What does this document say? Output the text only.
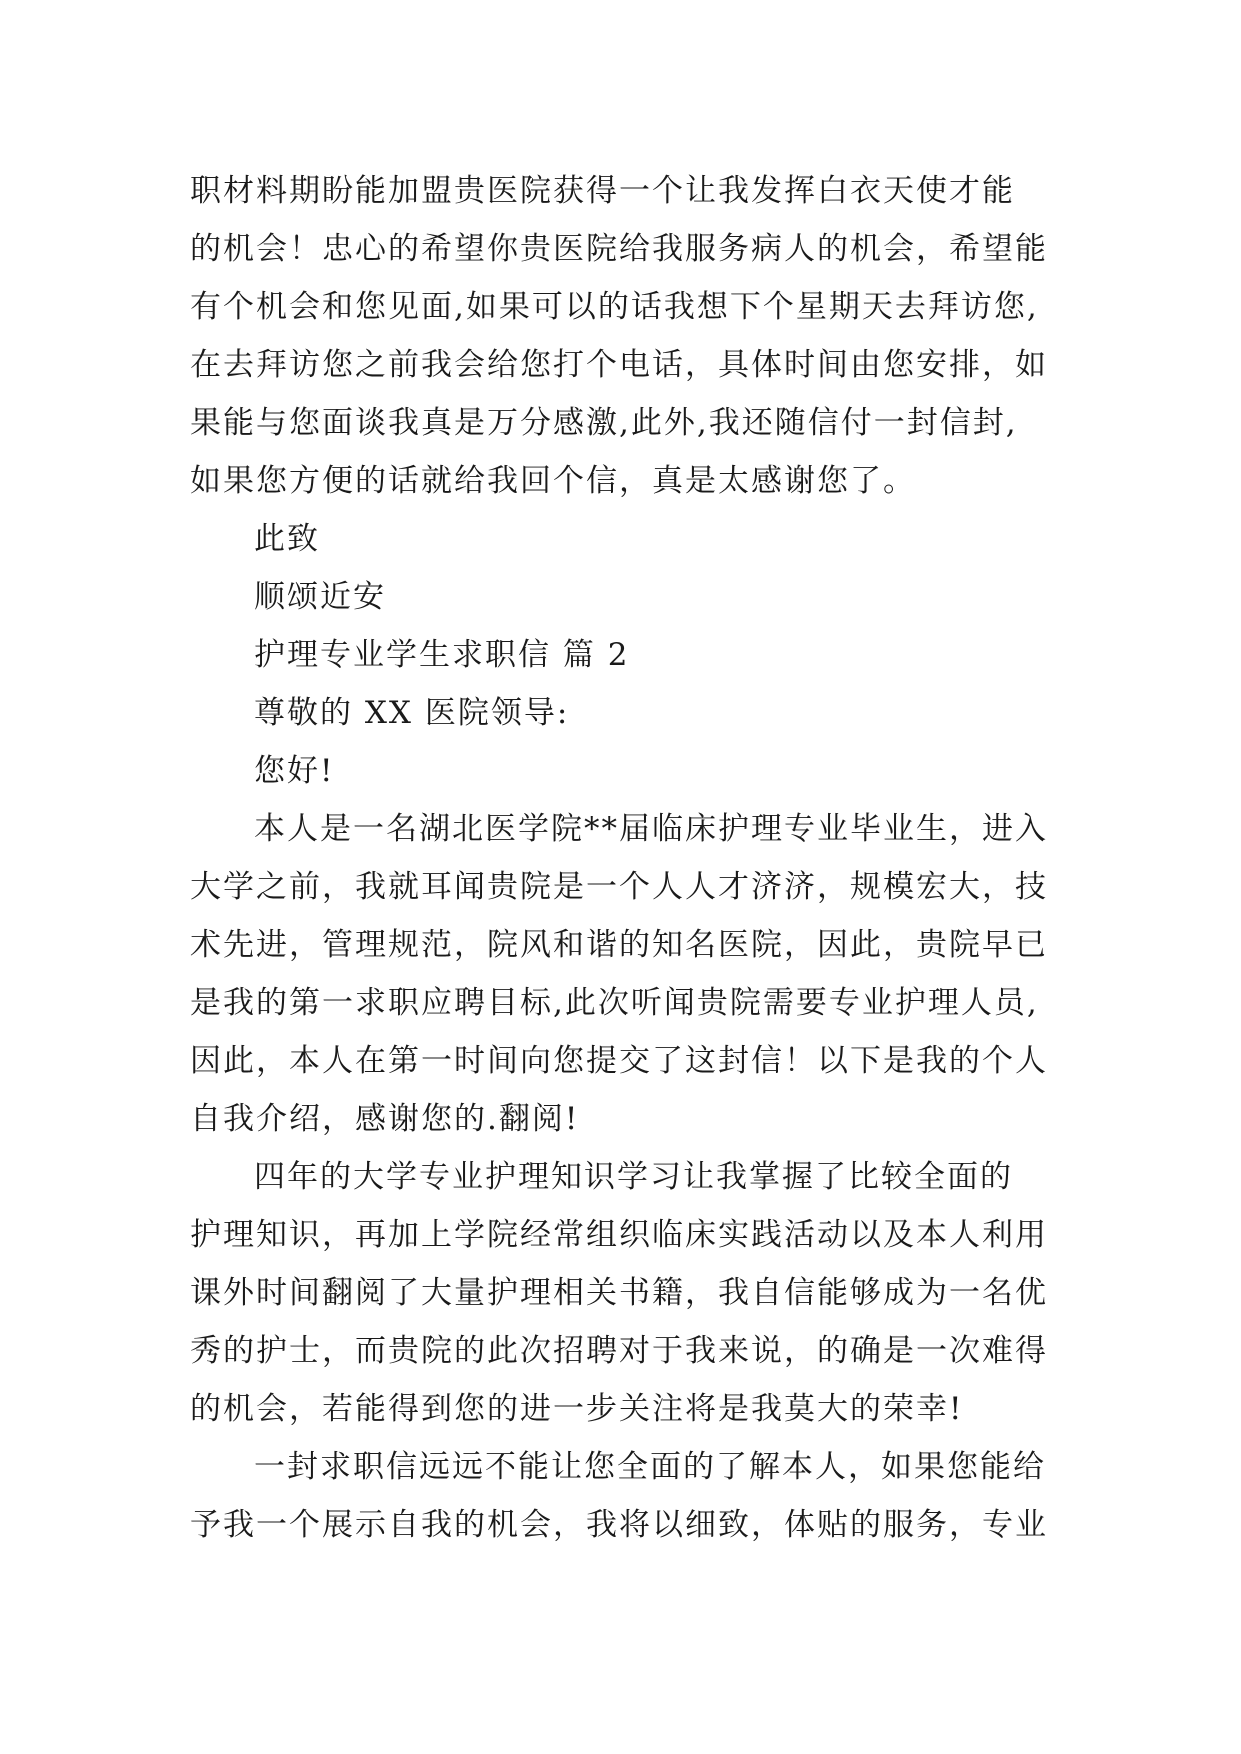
职材料期盼能加盟贵医院获得一个让我发挥白衣天使才能
的机会！忠心的希望你贵医院给我服务病人的机会，希望能
有个机会和您见面,如果可以的话我想下个星期天去拜访您,
在去拜访您之前我会给您打个电话，具体时间由您安排，如
果能与您面谈我真是万分感激,此外,我还随信付一封信封,
如果您方便的话就给我回个信，真是太感谢您了。
此致
顺颂近安
护理专业学生求职信 篇 2
尊敬的 XX 医院领导:
您好!
本人是一名湖北医学院**届临床护理专业毕业生，进入
大学之前，我就耳闻贵院是一个人人才济济，规模宏大，技
术先进，管理规范，院风和谐的知名医院，因此，贵院早已
是我的第一求职应聘目标,此次听闻贵院需要专业护理人员,
因此，本人在第一时间向您提交了这封信！以下是我的个人
自我介绍，感谢您的.翻阅!
四年的大学专业护理知识学习让我掌握了比较全面的
护理知识，再加上学院经常组织临床实践活动以及本人利用
课外时间翻阅了大量护理相关书籍，我自信能够成为一名优
秀的护士，而贵院的此次招聘对于我来说，的确是一次难得
的机会，若能得到您的进一步关注将是我莫大的荣幸!
一封求职信远远不能让您全面的了解本人，如果您能给
予我一个展示自我的机会，我将以细致，体贴的服务，专业
